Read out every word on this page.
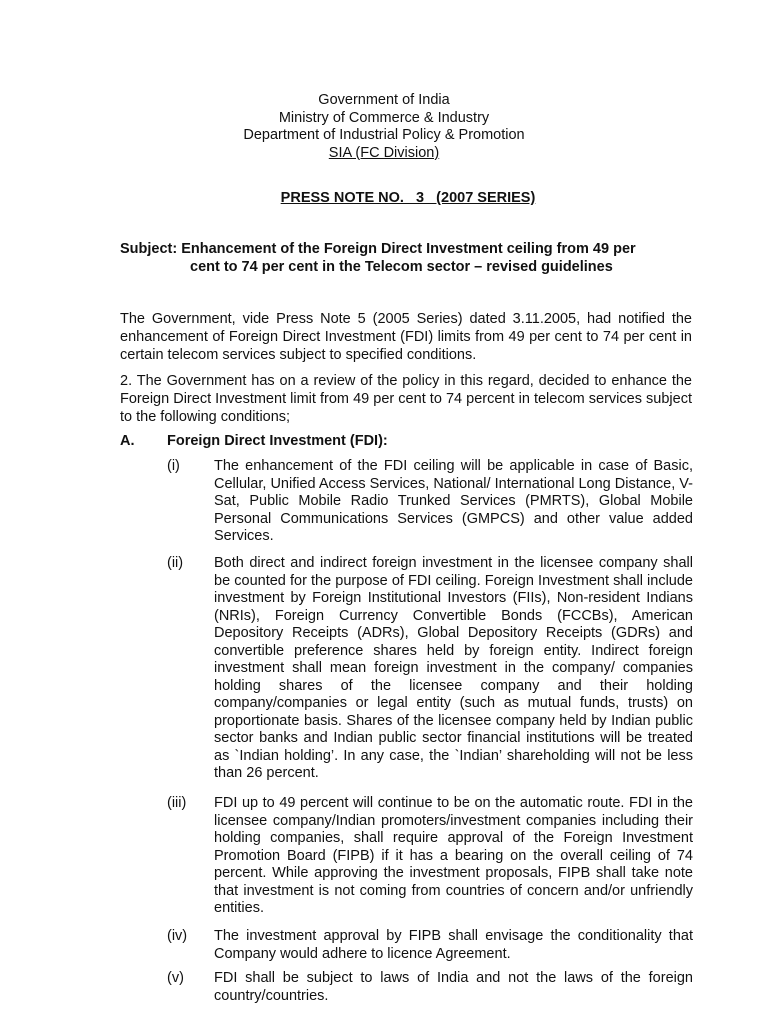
Government of India
Ministry of Commerce & Industry
Department of Industrial Policy & Promotion
SIA (FC Division)
PRESS NOTE NO.   3   (2007 SERIES)
Subject: Enhancement of the Foreign Direct Investment ceiling from 49 per
cent to 74 per cent in the Telecom sector – revised guidelines
The Government, vide Press Note 5 (2005 Series) dated 3.11.2005, had notified the enhancement of Foreign Direct Investment (FDI) limits from 49 per cent to 74 per cent in certain telecom services subject to specified conditions.
2. The Government has on a review of the policy in this regard, decided to enhance the Foreign Direct Investment limit from 49 per cent to 74 percent in telecom services subject to the following conditions;
A. Foreign Direct Investment (FDI):
(i) The enhancement of the FDI ceiling will be applicable in case of Basic, Cellular, Unified Access Services, National/ International Long Distance, V-Sat, Public Mobile Radio Trunked Services (PMRTS), Global Mobile Personal Communications Services (GMPCS) and other value added Services.
(ii) Both direct and indirect foreign investment in the licensee company shall be counted for the purpose of FDI ceiling. Foreign Investment shall include investment by Foreign Institutional Investors (FIIs), Non-resident Indians (NRIs), Foreign Currency Convertible Bonds (FCCBs), American Depository Receipts (ADRs), Global Depository Receipts (GDRs) and convertible preference shares held by foreign entity. Indirect foreign investment shall mean foreign investment in the company/ companies holding shares of the licensee company and their holding company/companies or legal entity (such as mutual funds, trusts) on proportionate basis. Shares of the licensee company held by Indian public sector banks and Indian public sector financial institutions will be treated as `Indian holding’. In any case, the `Indian’ shareholding will not be less than 26 percent.
(iii) FDI up to 49 percent will continue to be on the automatic route. FDI in the licensee company/Indian promoters/investment companies including their holding companies, shall require approval of the Foreign Investment Promotion Board (FIPB) if it has a bearing on the overall ceiling of 74 percent. While approving the investment proposals, FIPB shall take note that investment is not coming from countries of concern and/or unfriendly entities.
(iv) The investment approval by FIPB shall envisage the conditionality that Company would adhere to licence Agreement.
(v) FDI shall be subject to laws of India and not the laws of the foreign country/countries.
